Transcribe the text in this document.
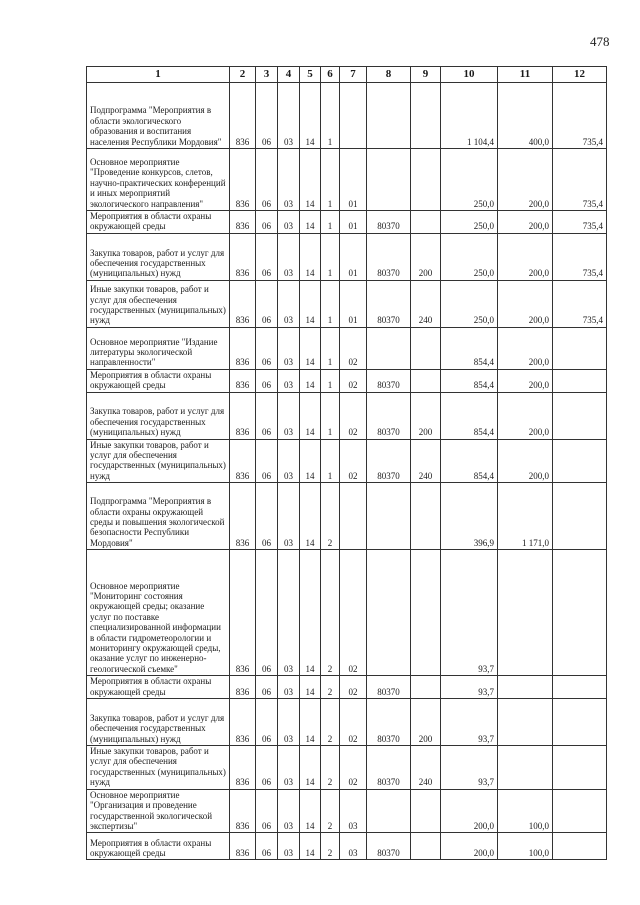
478
1	2	3	4	5	6	7	8	9	10	11	12
Подпрограмма "Мероприятия в области экологического образования и воспитания населения Республики Мордовия"	836	06	03	14	1				1 104,4	400,0	735,4
Основное мероприятие "Проведение конкурсов, слетов, научно-практических конференций и иных мероприятий экологического направления"	836	06	03	14	1	01			250,0	200,0	735,4
Мероприятия в области охраны окружающей среды	836	06	03	14	1	01	80370		250,0	200,0	735,4
Закупка товаров, работ и услуг для обеспечения государственных (муниципальных) нужд	836	06	03	14	1	01	80370	200	250,0	200,0	735,4
Иные закупки товаров, работ и услуг для обеспечения государственных (муниципальных) нужд	836	06	03	14	1	01	80370	240	250,0	200,0	735,4
Основное мероприятие "Издание литературы экологической направленности"	836	06	03	14	1	02			854,4	200,0	
Мероприятия в области охраны окружающей среды	836	06	03	14	1	02	80370		854,4	200,0	
Закупка товаров, работ и услуг для обеспечения государственных (муниципальных) нужд	836	06	03	14	1	02	80370	200	854,4	200,0	
Иные закупки товаров, работ и услуг для обеспечения государственных (муниципальных) нужд	836	06	03	14	1	02	80370	240	854,4	200,0	
Подпрограмма "Мероприятия в области охраны окружающей среды и повышения экологической безопасности Республики Мордовия"	836	06	03	14	2				396,9	1 171,0	
Основное мероприятие "Мониторинг состояния окружающей среды; оказание услуг по поставке специализированной информации в области гидрометеорологии и мониторингу окружающей среды, оказание услуг по инженерно-геологической съемке"	836	06	03	14	2	02			93,7		
Мероприятия в области охраны окружающей среды	836	06	03	14	2	02	80370		93,7		
Закупка товаров, работ и услуг для обеспечения государственных (муниципальных) нужд	836	06	03	14	2	02	80370	200	93,7		
Иные закупки товаров, работ и услуг для обеспечения государственных (муниципальных) нужд	836	06	03	14	2	02	80370	240	93,7		
Основное мероприятие "Организация и проведение государственной экологической экспертизы"	836	06	03	14	2	03			200,0	100,0	
Мероприятия в области охраны окружающей среды	836	06	03	14	2	03	80370		200,0	100,0	
